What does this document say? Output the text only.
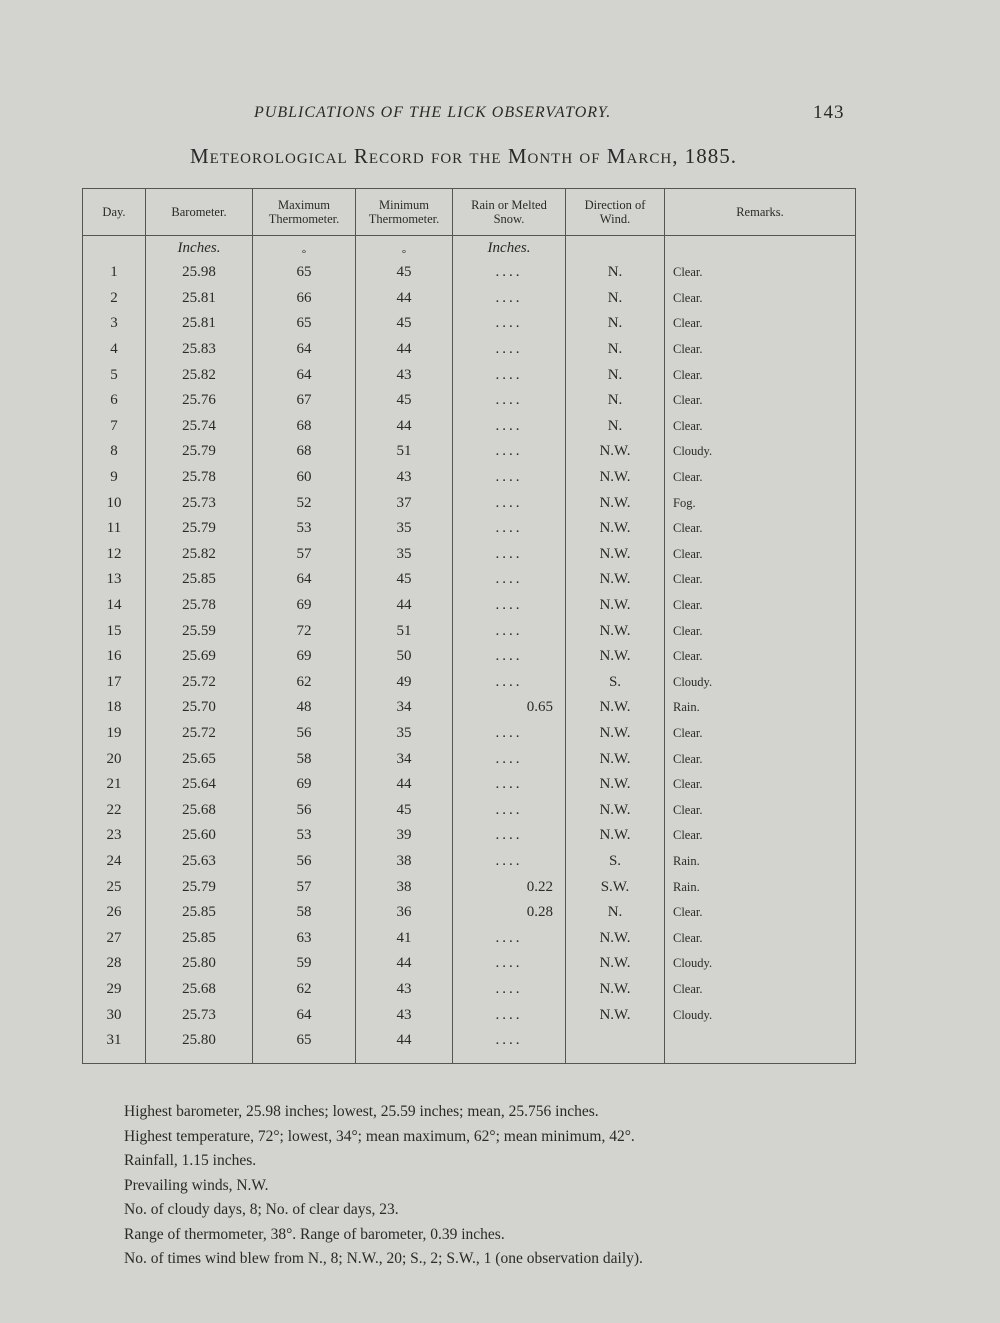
PUBLICATIONS OF THE LICK OBSERVATORY.	143
Meteorological Record for the Month of March, 1885.
Day.	Barometer.	Maximum Thermometer.	Minimum Thermometer.	Rain or Melted Snow.	Direction of Wind.	Remarks.
	Inches.	°	°	Inches.		
1	25.98	65	45	....	N.	Clear.
2	25.81	66	44	....	N.	Clear.
3	25.81	65	45	....	N.	Clear.
4	25.83	64	44	....	N.	Clear.
5	25.82	64	43	....	N.	Clear.
6	25.76	67	45	....	N.	Clear.
7	25.74	68	44	....	N.	Clear.
8	25.79	68	51	....	N.W.	Cloudy.
9	25.78	60	43	....	N.W.	Clear.
10	25.73	52	37	....	N.W.	Fog.
11	25.79	53	35	....	N.W.	Clear.
12	25.82	57	35	....	N.W.	Clear.
13	25.85	64	45	....	N.W.	Clear.
14	25.78	69	44	....	N.W.	Clear.
15	25.59	72	51	....	N.W.	Clear.
16	25.69	69	50	....	N.W.	Clear.
17	25.72	62	49	....	S.	Cloudy.
18	25.70	48	34	0.65	N.W.	Rain.
19	25.72	56	35	....	N.W.	Clear.
20	25.65	58	34	....	N.W.	Clear.
21	25.64	69	44	....	N.W.	Clear.
22	25.68	56	45	....	N.W.	Clear.
23	25.60	53	39	....	N.W.	Clear.
24	25.63	56	38	....	S.	Rain.
25	25.79	57	38	0.22	S.W.	Rain.
26	25.85	58	36	0.28	N.	Clear.
27	25.85	63	41	....	N.W.	Clear.
28	25.80	59	44	....	N.W.	Cloudy.
29	25.68	62	43	....	N.W.	Clear.
30	25.73	64	43	....	N.W.	Cloudy.
31	25.80	65	44	....		

Highest barometer, 25.98 inches; lowest, 25.59 inches; mean, 25.756 inches.
Highest temperature, 72°; lowest, 34°; mean maximum, 62°; mean minimum, 42°.
Rainfall, 1.15 inches.
Prevailing winds, N.W.
No. of cloudy days, 8; No. of clear days, 23.
Range of thermometer, 38°. Range of barometer, 0.39 inches.
No. of times wind blew from N., 8; N.W., 20; S., 2; S.W., 1 (one observation daily).
